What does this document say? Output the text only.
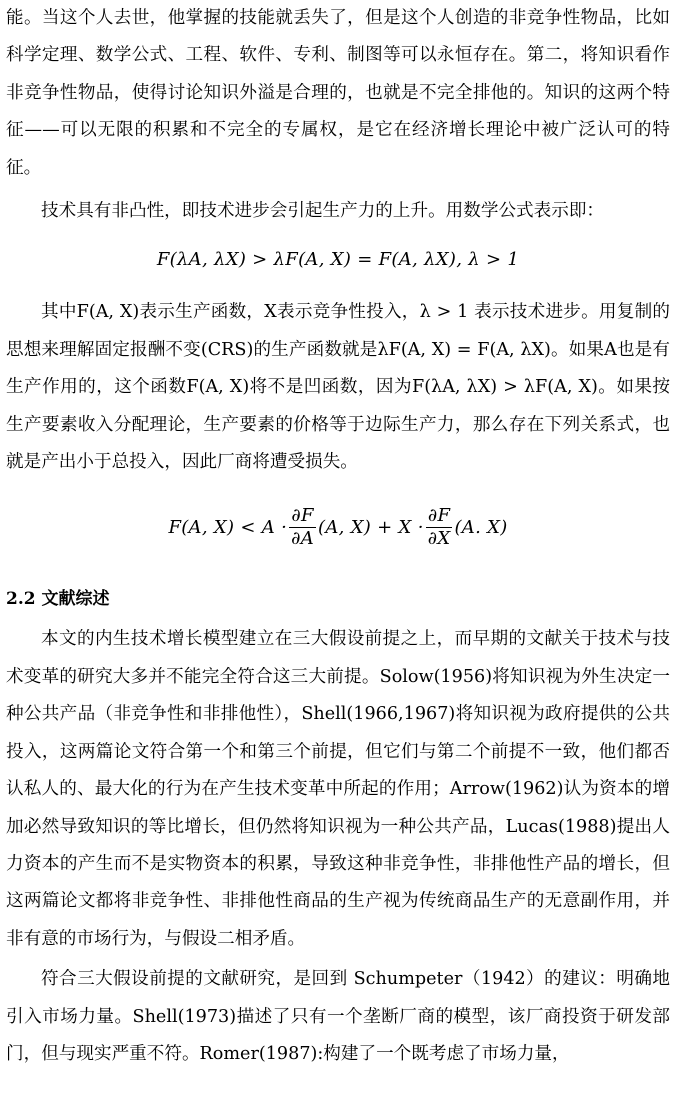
能。当这个人去世，他掌握的技能就丢失了，但是这个人创造的非竞争性物品，比如科学定理、数学公式、工程、软件、专利、制图等可以永恒存在。第二，将知识看作非竞争性物品，使得讨论知识外溢是合理的，也就是不完全排他的。知识的这两个特征——可以无限的积累和不完全的专属权，是它在经济增长理论中被广泛认可的特征。

技术具有非凸性，即技术进步会引起生产力的上升。用数学公式表示即：

F(λA, λX) > λF(A, X) = F(A, λX), λ > 1

其中F(A, X)表示生产函数，X表示竞争性投入，λ > 1 表示技术进步。用复制的思想来理解固定报酬不变(CRS)的生产函数就是λF(A, X) = F(A, λX)。如果A也是有生产作用的，这个函数F(A, X)将不是凹函数，因为F(λA, λX) > λF(A, X)。如果按生产要素收入分配理论，生产要素的价格等于边际生产力，那么存在下列关系式，也就是产出小于总投入，因此厂商将遭受损失。

F(A, $X) < A \cdot \frac{\partial F}{\partial A} (A$, $X) + X \cdot \frac{\partial F}{\partial X} (A$. X)
2.2 文献综述

本文的内生技术增长模型建立在三大假设前提之上，而早期的文献关于技术与技术变革的研究大多并不能完全符合这三大前提。Solow(1956)将知识视为外生决定一种公共产品（非竞争性和非排他性），Shell(1966,1967)将知识视为政府提供的公共投入，这两篇论文符合第一个和第三个前提，但它们与第二个前提不一致，他们都否认私人的、最大化的行为在产生技术变革中所起的作用；Arrow(1962)认为资本的增加必然导致知识的等比增长，但仍然将知识视为一种公共产品，Lucas(1988)提出人力资本的产生而不是实物资本的积累，导致这种非竞争性，非排他性产品的增长，但这两篇论文都将非竞争性、非排他性商品的生产视为传统商品生产的无意副作用，并非有意的市场行为，与假设二相矛盾。

符合三大假设前提的文献研究，是回到 Schumpeter（1942）的建议：明确地引入市场力量。Shell(1973)描述了只有一个垄断厂商的模型，该厂商投资于研发部门，但与现实严重不符。Romer(1987):构建了一个既考虑了市场力量，
